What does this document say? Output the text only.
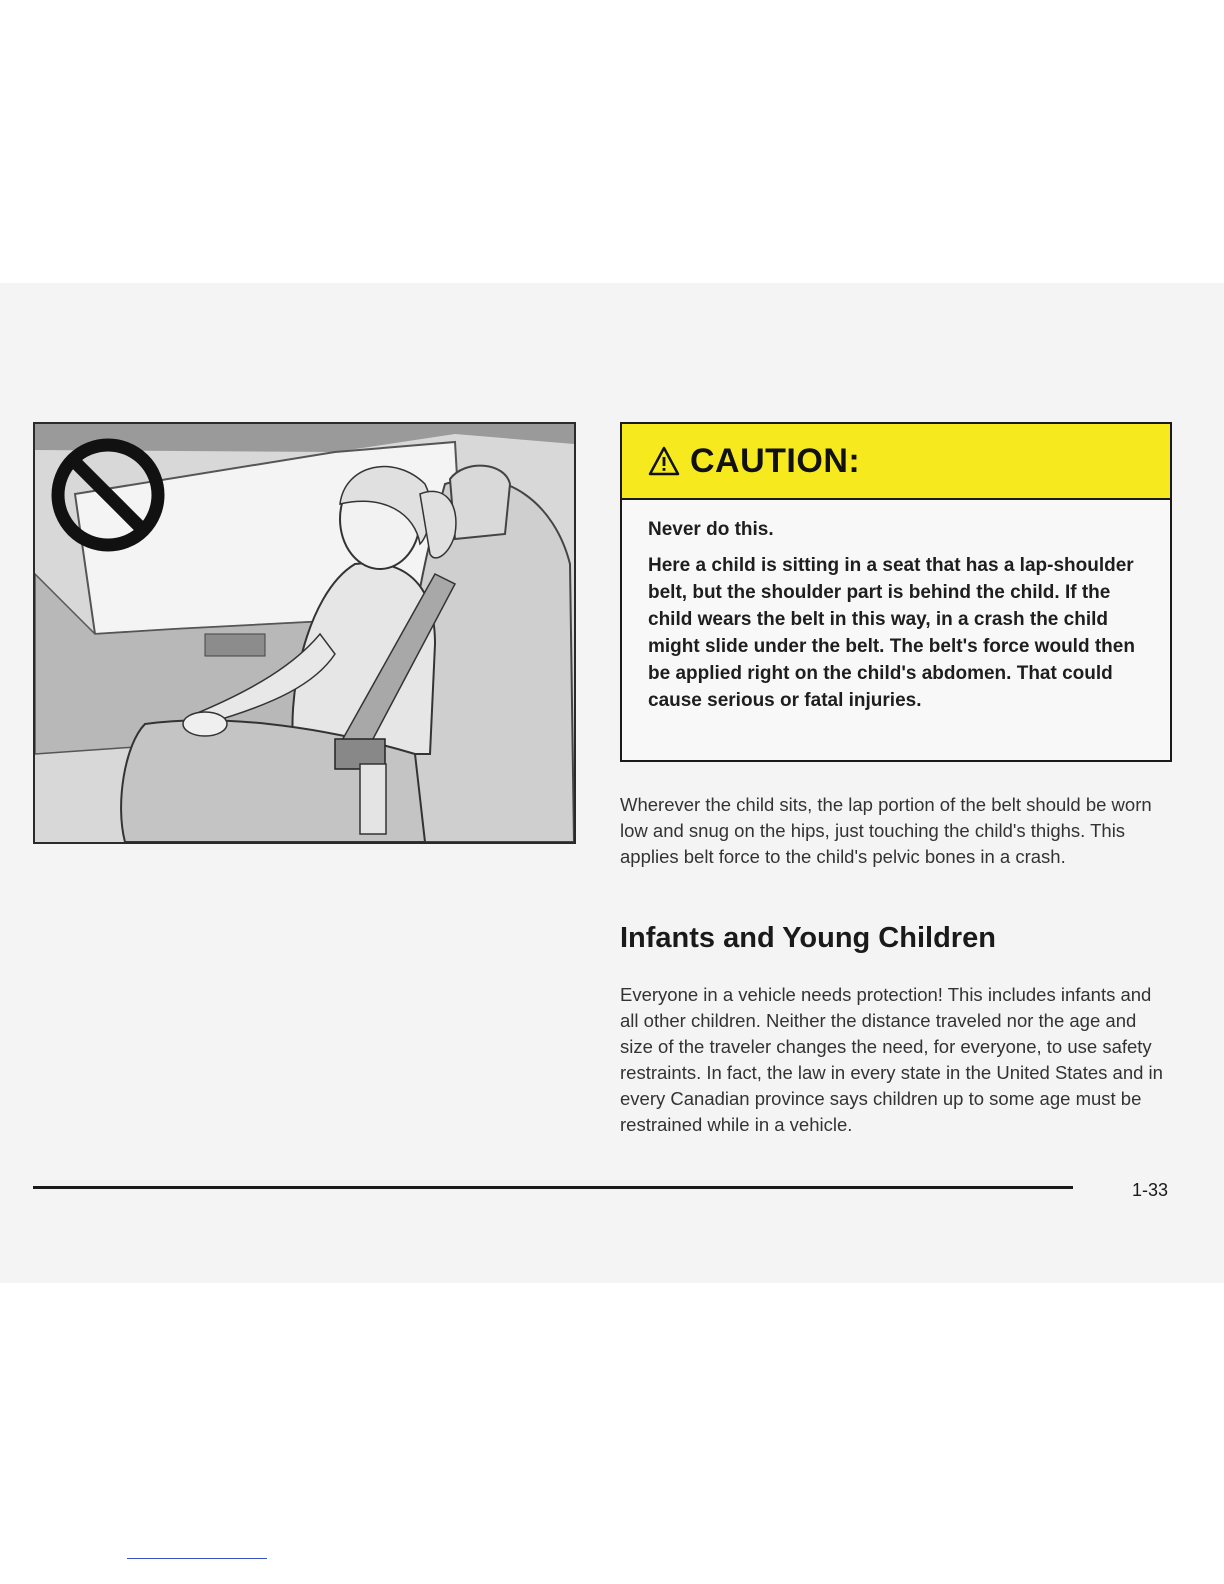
CAUTION:

Never do this.

Here a child is sitting in a seat that has a lap-shoulder belt, but the shoulder part is behind the child. If the child wears the belt in this way, in a crash the child might slide under the belt. The belt's force would then be applied right on the child's abdomen. That could cause serious or fatal injuries.

Wherever the child sits, the lap portion of the belt should be worn low and snug on the hips, just touching the child's thighs. This applies belt force to the child's pelvic bones in a crash.

Infants and Young Children

Everyone in a vehicle needs protection! This includes infants and all other children. Neither the distance traveled nor the age and size of the traveler changes the need, for everyone, to use safety restraints. In fact, the law in every state in the United States and in every Canadian province says children up to some age must be restrained while in a vehicle.

1-33
